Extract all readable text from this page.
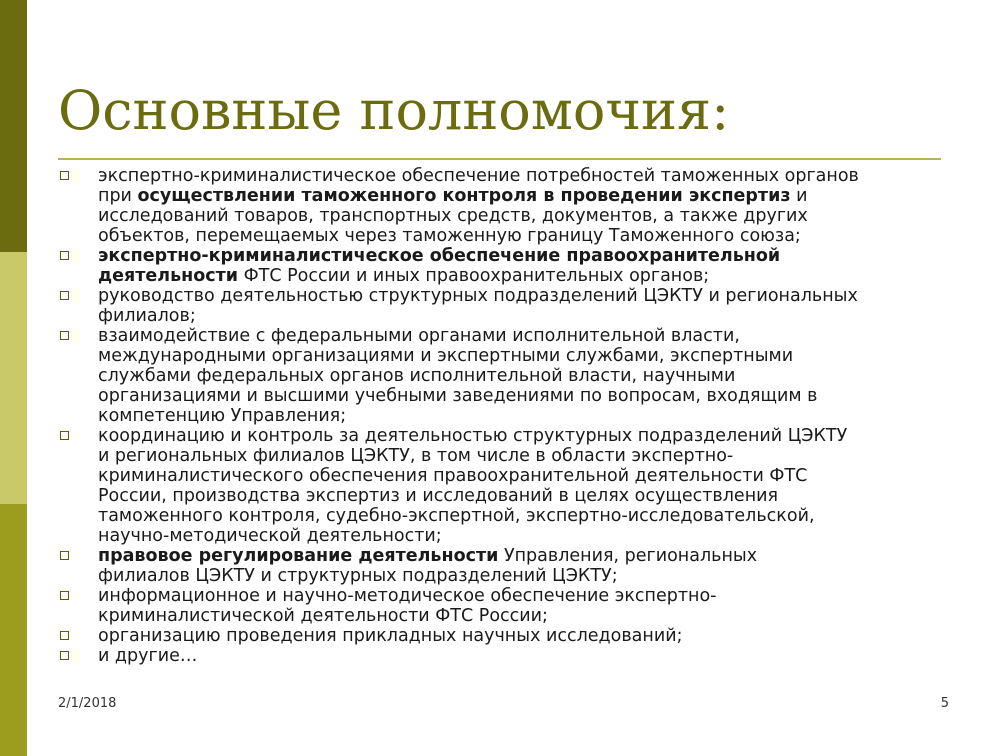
Основные полномочия:
экспертно-криминалистическое обеспечение потребностей таможенных органов
при осуществлении таможенного контроля в проведении экспертиз и
исследований товаров, транспортных средств, документов, а также других
объектов, перемещаемых через таможенную границу Таможенного союза;
экспертно-криминалистическое обеспечение правоохранительной
деятельности ФТС России и иных правоохранительных органов;
руководство деятельностью структурных подразделений ЦЭКТУ и региональных
филиалов;
взаимодействие с федеральными органами исполнительной власти,
международными организациями и экспертными службами, экспертными
службами федеральных органов исполнительной власти, научными
организациями и высшими учебными заведениями по вопросам, входящим в
компетенцию Управления;
координацию и контроль за деятельностью структурных подразделений ЦЭКТУ
и региональных филиалов ЦЭКТУ, в том числе в области экспертно-
криминалистического обеспечения правоохранительной деятельности ФТС
России, производства экспертиз и исследований в целях осуществления
таможенного контроля, судебно-экспертной, экспертно-исследовательской,
научно-методической деятельности;
правовое регулирование деятельности Управления, региональных
филиалов ЦЭКТУ и структурных подразделений ЦЭКТУ;
информационное и научно-методическое обеспечение экспертно-
криминалистической деятельности ФТС России;
организацию проведения прикладных научных исследований;
и другие…
2/1/2018	5
